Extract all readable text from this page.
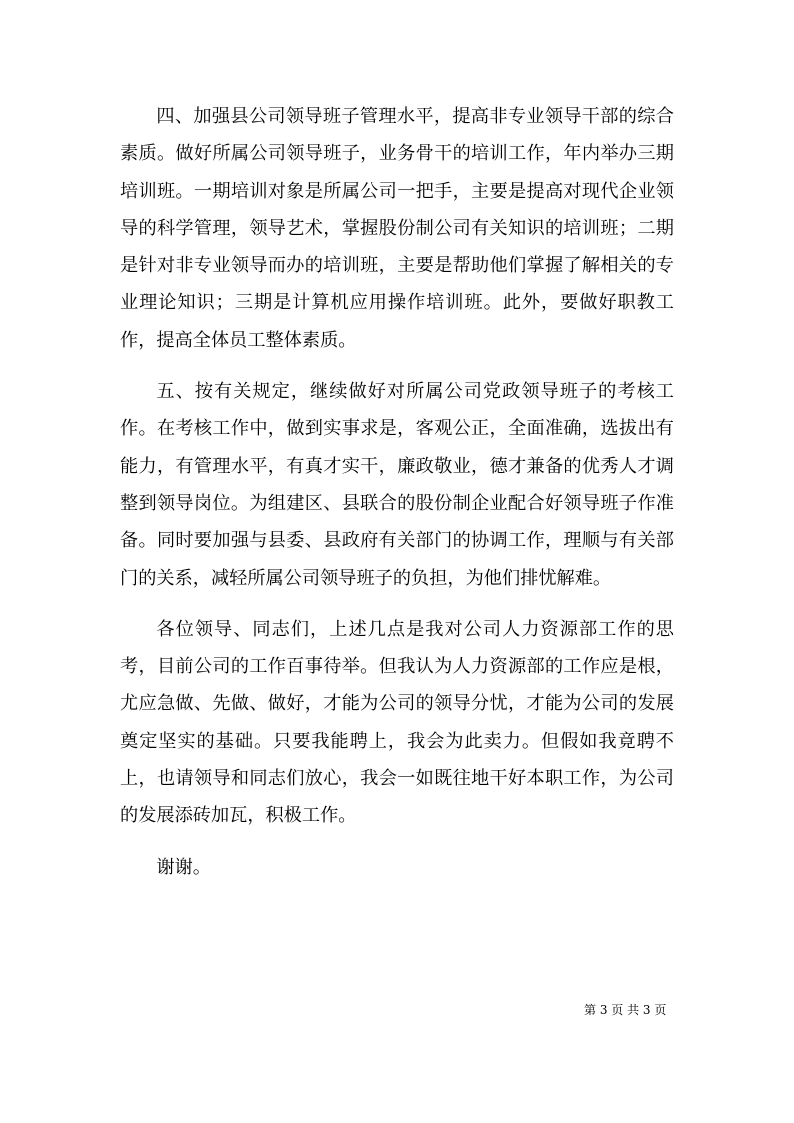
四、加强县公司领导班子管理水平，提高非专业领导干部的综合素质。做好所属公司领导班子，业务骨干的培训工作，年内举办三期培训班。一期培训对象是所属公司一把手，主要是提高对现代企业领导的科学管理，领导艺术，掌握股份制公司有关知识的培训班；二期是针对非专业领导而办的培训班，主要是帮助他们掌握了解相关的专业理论知识；三期是计算机应用操作培训班。此外，要做好职教工作，提高全体员工整体素质。

五、按有关规定，继续做好对所属公司党政领导班子的考核工作。在考核工作中，做到实事求是，客观公正，全面准确，选拔出有能力，有管理水平，有真才实干，廉政敬业，德才兼备的优秀人才调整到领导岗位。为组建区、县联合的股份制企业配合好领导班子作准备。同时要加强与县委、县政府有关部门的协调工作，理顺与有关部门的关系，减轻所属公司领导班子的负担，为他们排忧解难。

各位领导、同志们，上述几点是我对公司人力资源部工作的思考，目前公司的工作百事待举。但我认为人力资源部的工作应是根，尤应急做、先做、做好，才能为公司的领导分忧，才能为公司的发展奠定坚实的基础。只要我能聘上，我会为此卖力。但假如我竟聘不上，也请领导和同志们放心，我会一如既往地干好本职工作，为公司的发展添砖加瓦，积极工作。

谢谢。

第 3 页 共 3 页
